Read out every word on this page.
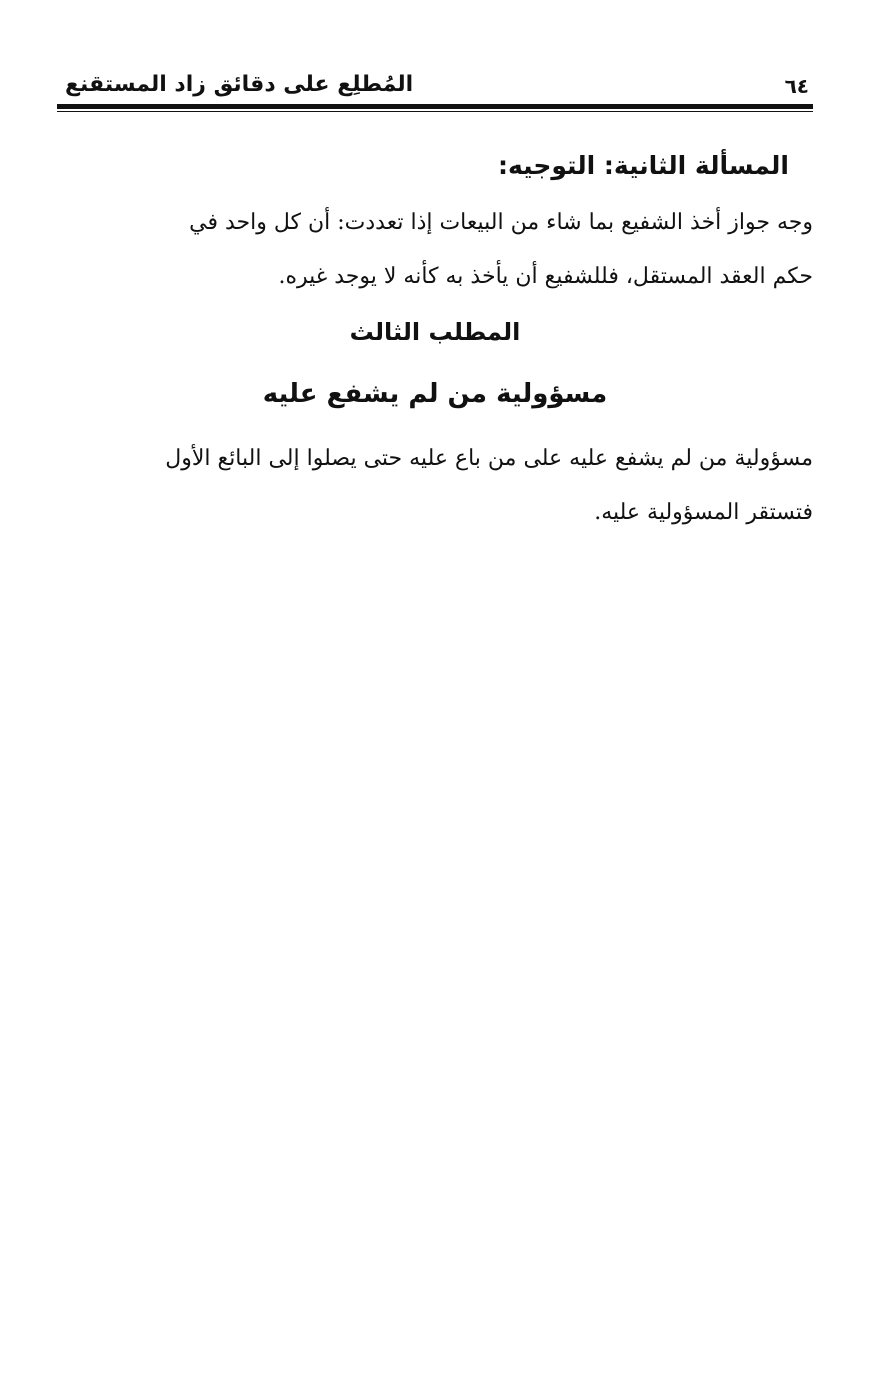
٦٤
المُطلِع على دقائق زاد المستقنع
المسألة الثانية: التوجيه:
وجه جواز أخذ الشفيع بما شاء من البيعات إذا تعددت: أن كل واحد في
حكم العقد المستقل، فللشفيع أن يأخذ به كأنه لا يوجد غيره.
المطلب الثالث
مسؤولية من لم يشفع عليه
مسؤولية من لم يشفع عليه على من باع عليه حتى يصلوا إلى البائع الأول
فتستقر المسؤولية عليه.
